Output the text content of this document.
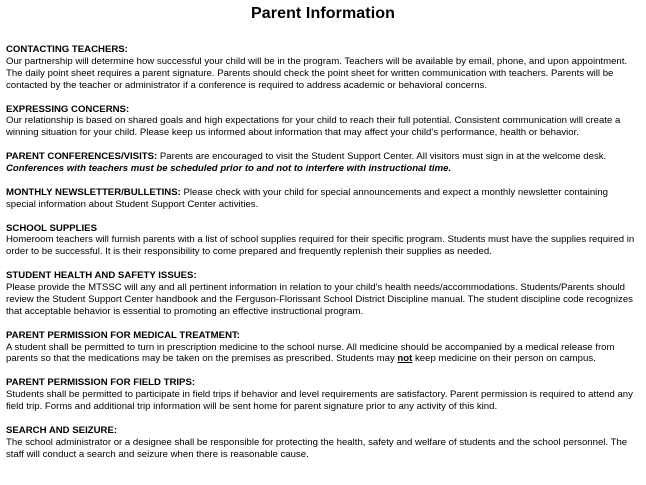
Parent Information
CONTACTING TEACHERS:
Our partnership will determine how successful your child will be in the program. Teachers will be available by email, phone, and upon appointment. The daily point sheet requires a parent signature. Parents should check the point sheet for written communication with teachers. Parents will be contacted by the teacher or administrator if a conference is required to address academic or behavioral concerns.
EXPRESSING CONCERNS:
Our relationship is based on shared goals and high expectations for your child to reach their full potential. Consistent communication will create a winning situation for your child. Please keep us informed about information that may affect your child’s performance, health or behavior.
PARENT CONFERENCES/VISITS: Parents are encouraged to visit the Student Support Center. All visitors must sign in at the welcome desk.
Conferences with teachers must be scheduled prior to and not to interfere with instructional time.
MONTHLY NEWSLETTER/BULLETINS: Please check with your child for special announcements and expect a monthly newsletter containing special information about Student Support Center activities.
SCHOOL SUPPLIES
Homeroom teachers will furnish parents with a list of school supplies required for their specific program. Students must have the supplies required in order to be successful. It is their responsibility to come prepared and frequently replenish their supplies as needed.
STUDENT HEALTH AND SAFETY ISSUES:
Please provide the MTSSC will any and all pertinent information in relation to your child’s health needs/accommodations. Students/Parents should review the Student Support Center handbook and the Ferguson-Florissant School District Discipline manual. The student discipline code recognizes that acceptable behavior is essential to promoting an effective instructional program.
PARENT PERMISSION FOR MEDICAL TREATMENT:
A student shall be permitted to turn in prescription medicine to the school nurse. All medicine should be accompanied by a medical release from parents so that the medications may be taken on the premises as prescribed. Students may not keep medicine on their person on campus.
PARENT PERMISSION FOR FIELD TRIPS:
Students shall be permitted to participate in field trips if behavior and level requirements are satisfactory. Parent permission is required to attend any field trip. Forms and additional trip information will be sent home for parent signature prior to any activity of this kind.
SEARCH AND SEIZURE:
The school administrator or a designee shall be responsible for protecting the health, safety and welfare of students and the school personnel. The staff will conduct a search and seizure when there is reasonable cause.
